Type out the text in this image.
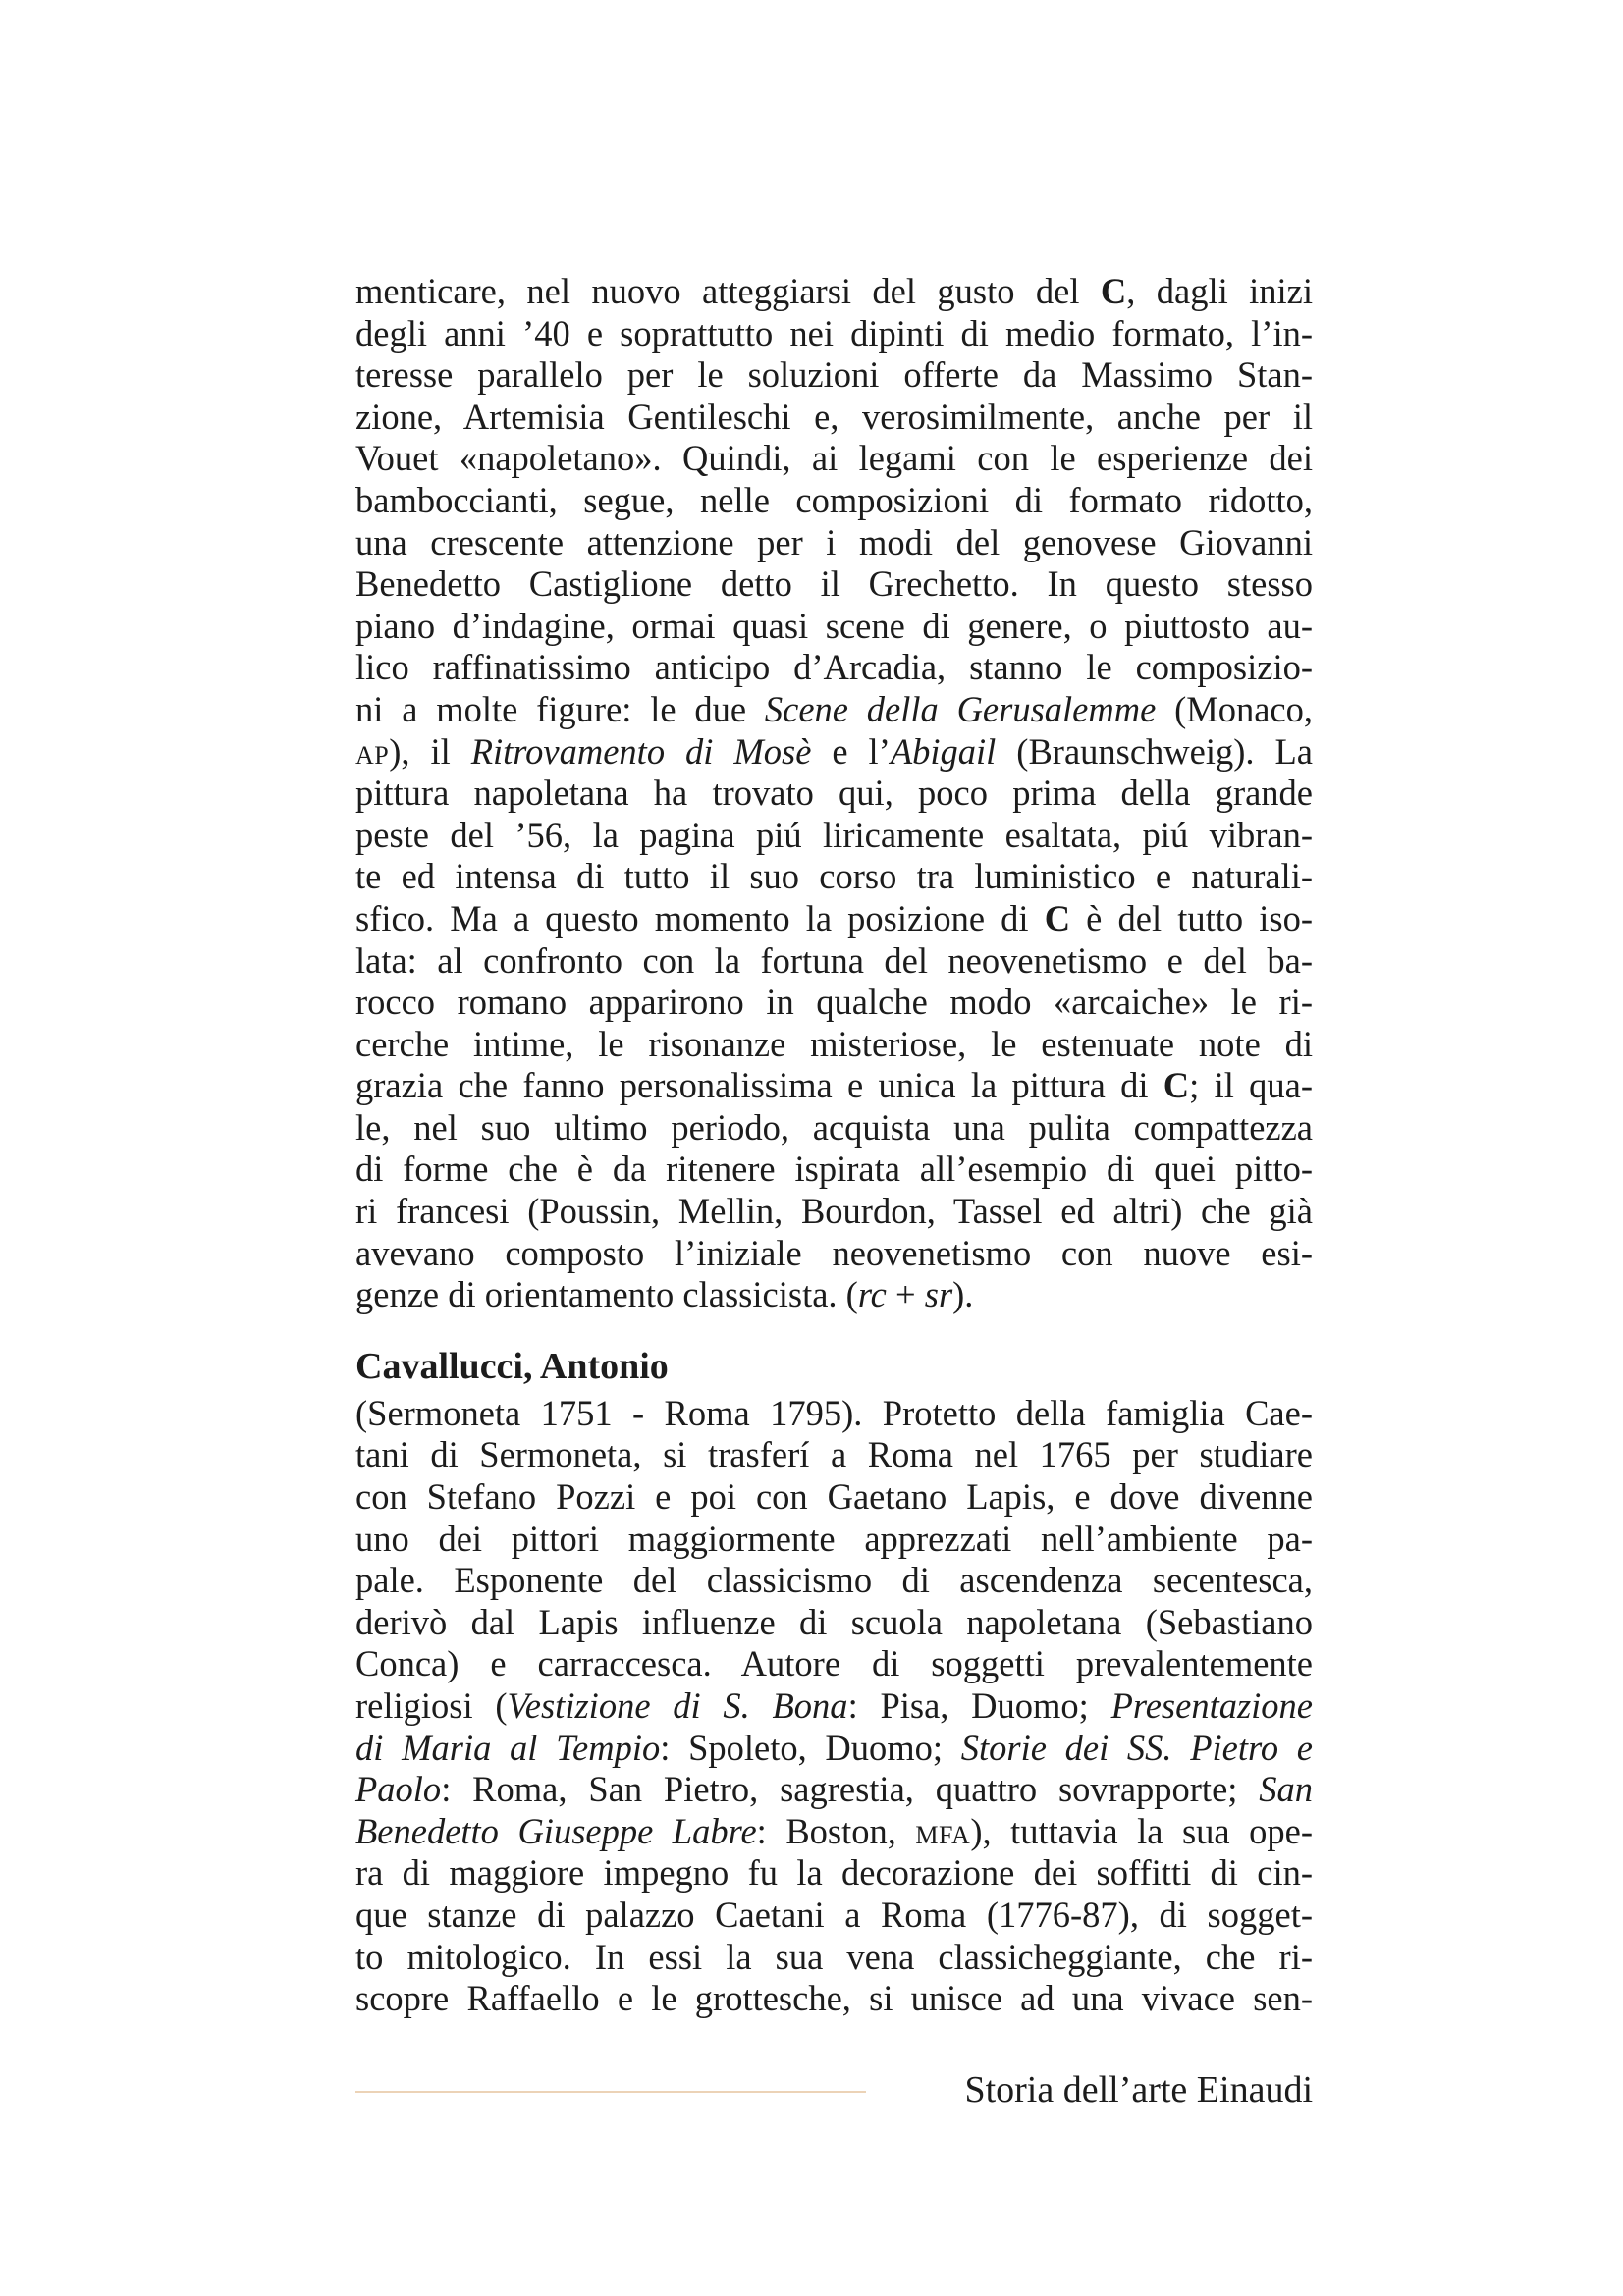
menticare, nel nuovo atteggiarsi del gusto del C, dagli inizi
degli anni ’40 e soprattutto nei dipinti di medio formato, l’in-
teresse parallelo per le soluzioni offerte da Massimo Stan-
zione, Artemisia Gentileschi e, verosimilmente, anche per il
Vouet «napoletano». Quindi, ai legami con le esperienze dei
bamboccianti, segue, nelle composizioni di formato ridotto,
una crescente attenzione per i modi del genovese Giovanni
Benedetto Castiglione detto il Grechetto. In questo stesso
piano d’indagine, ormai quasi scene di genere, o piuttosto au-
lico raffinatissimo anticipo d’Arcadia, stanno le composizio-
ni a molte figure: le due Scene della Gerusalemme (Monaco,
ap), il Ritrovamento di Mosè e l’Abigail (Braunschweig). La
pittura napoletana ha trovato qui, poco prima della grande
peste del ’56, la pagina piú liricamente esaltata, piú vibran-
te ed intensa di tutto il suo corso tra luministico e naturali-
sfico. Ma a questo momento la posizione di C è del tutto iso-
lata: al confronto con la fortuna del neovenetismo e del ba-
rocco romano apparirono in qualche modo «arcaiche» le ri-
cerche intime, le risonanze misteriose, le estenuate note di
grazia che fanno personalissima e unica la pittura di C; il qua-
le, nel suo ultimo periodo, acquista una pulita compattezza
di forme che è da ritenere ispirata all’esempio di quei pitto-
ri francesi (Poussin, Mellin, Bourdon, Tassel ed altri) che già
avevano composto l’iniziale neovenetismo con nuove esi-
genze di orientamento classicista. (rc + sr).
Cavallucci, Antonio
(Sermoneta 1751 - Roma 1795). Protetto della famiglia Cae-
tani di Sermoneta, si trasferí a Roma nel 1765 per studiare
con Stefano Pozzi e poi con Gaetano Lapis, e dove divenne
uno dei pittori maggiormente apprezzati nell’ambiente pa-
pale. Esponente del classicismo di ascendenza secentesca,
derivò dal Lapis influenze di scuola napoletana (Sebastiano
Conca) e carraccesca. Autore di soggetti prevalentemente
religiosi (Vestizione di S. Bona: Pisa, Duomo; Presentazione
di Maria al Tempio: Spoleto, Duomo; Storie dei SS. Pietro e
Paolo: Roma, San Pietro, sagrestia, quattro sovrapporte; San
Benedetto Giuseppe Labre: Boston, mfa), tuttavia la sua ope-
ra di maggiore impegno fu la decorazione dei soffitti di cin-
que stanze di palazzo Caetani a Roma (1776-87), di sogget-
to mitologico. In essi la sua vena classicheggiante, che ri-
scopre Raffaello e le grottesche, si unisce ad una vivace sen-
Storia dell’arte Einaudi
